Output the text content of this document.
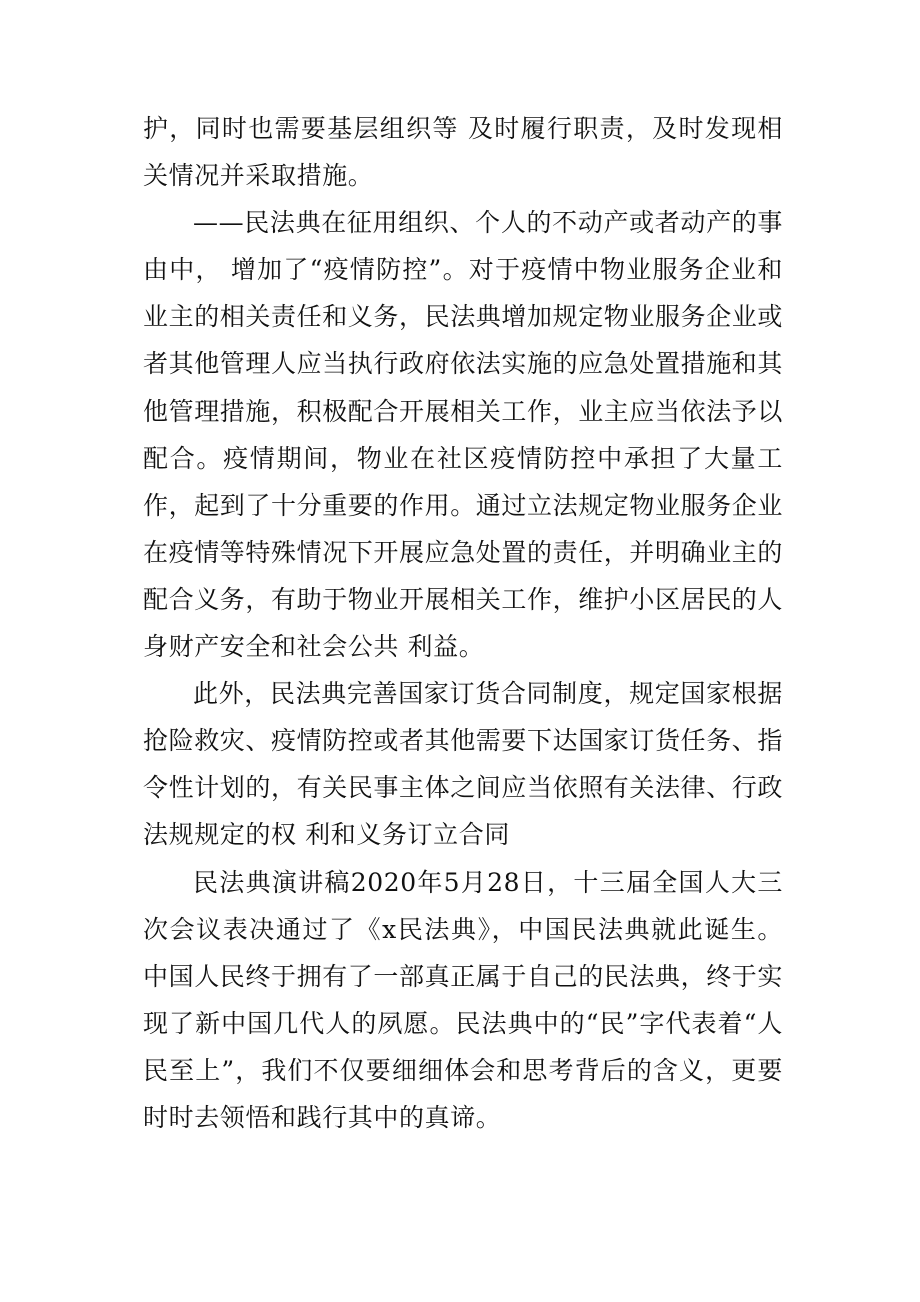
护，同时也需要基层组织等 及时履行职责，及时发现相关情况并采取措施。

——民法典在征用组织、个人的不动产或者动产的事由中， 增加了“疫情防控”。对于疫情中物业服务企业和业主的相关责任和义务，民法典增加规定物业服务企业或者其他管理人应当执行政府依法实施的应急处置措施和其他管理措施，积极配合开展相关工作，业主应当依法予以配合。疫情期间，物业在社区疫情防控中承担了大量工作，起到了十分重要的作用。通过立法规定物业服务企业在疫情等特殊情况下开展应急处置的责任，并明确业主的配合义务，有助于物业开展相关工作，维护小区居民的人身财产安全和社会公共 利益。

此外，民法典完善国家订货合同制度，规定国家根据抢险救灾、疫情防控或者其他需要下达国家订货任务、指令性计划的，有关民事主体之间应当依照有关法律、行政法规规定的权 利和义务订立合同

民法典演讲稿2020年5月28日，十三届全国人大三次会议表决通过了《x民法典》，中国民法典就此诞生。中国人民终于拥有了一部真正属于自己的民法典，终于实现了新中国几代人的夙愿。民法典中的“民”字代表着“人民至上”，我们不仅要细细体会和思考背后的含义，更要时时去领悟和践行其中的真谛。
